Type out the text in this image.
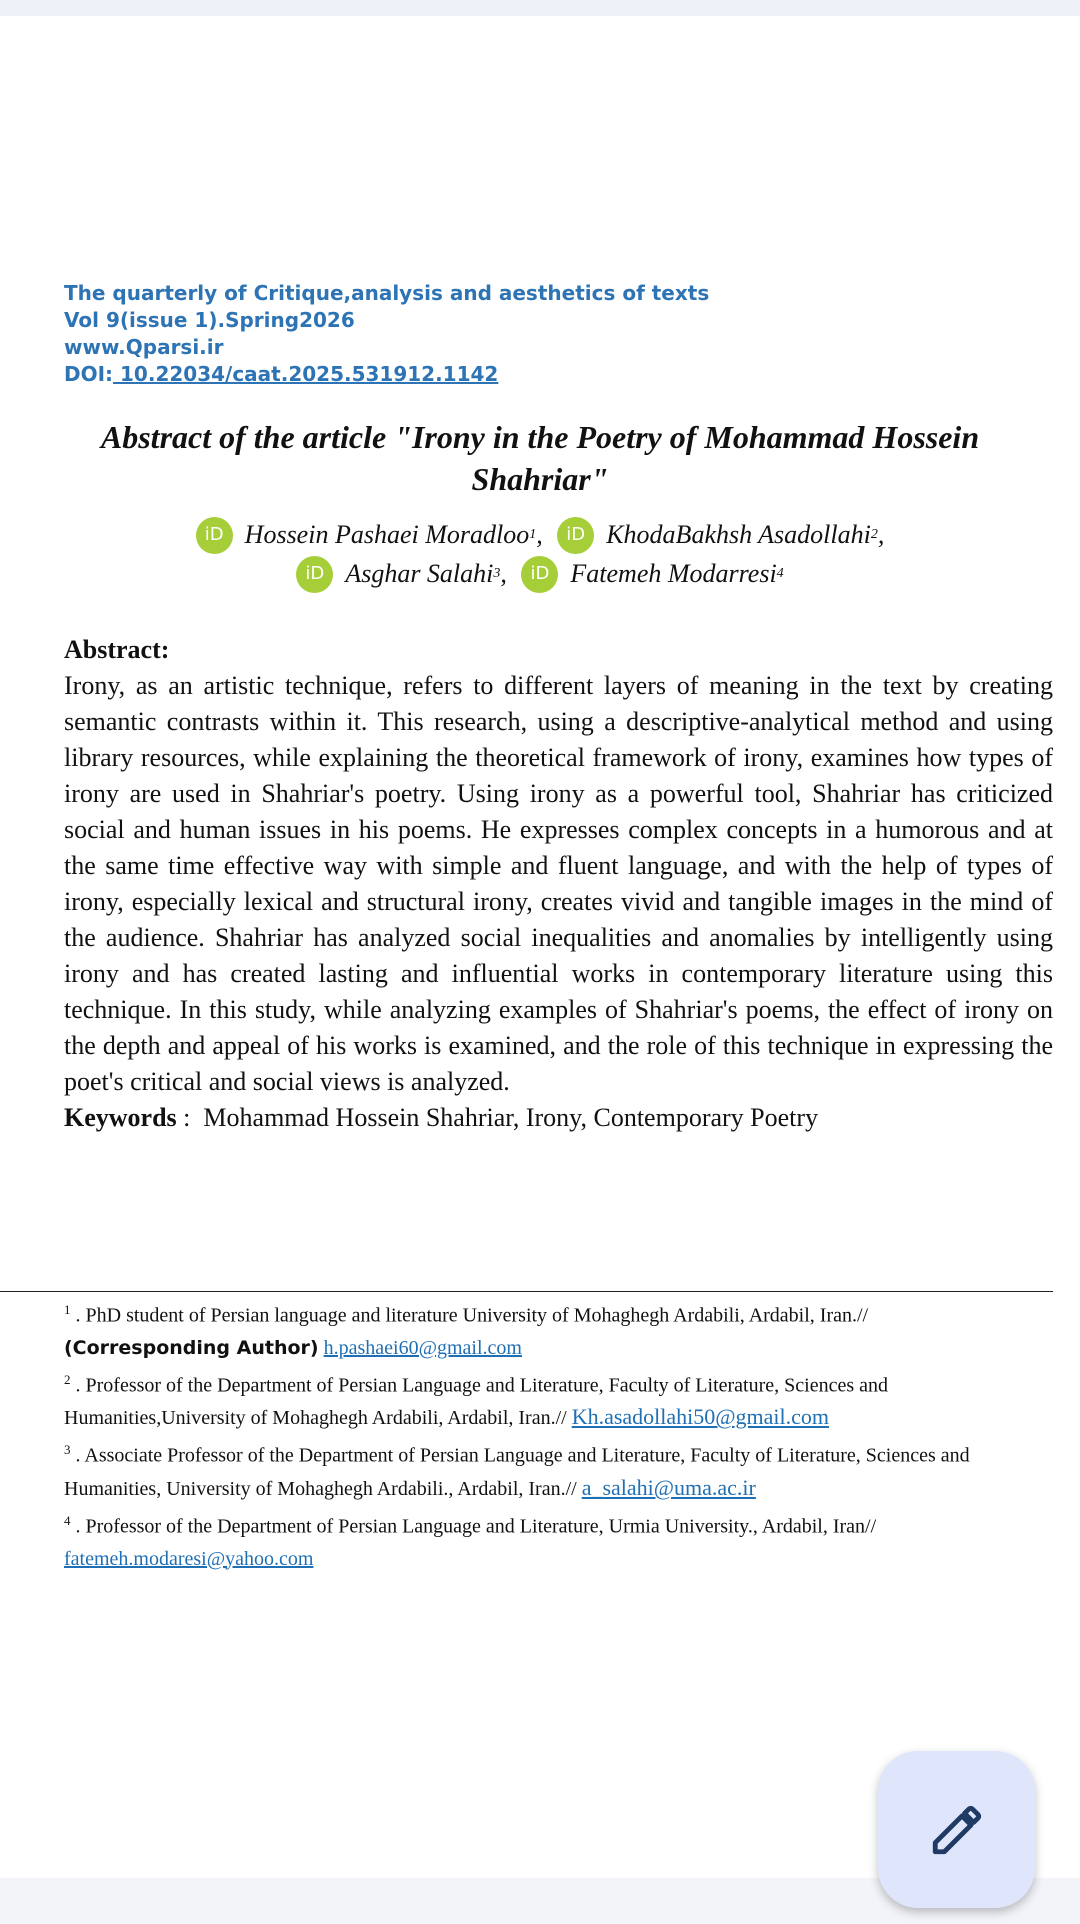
The quarterly of Critique,analysis and aesthetics of texts
Vol 9(issue 1).Spring2026
www.Qparsi.ir
DOI: 10.22034/caat.2025.531912.1142
Abstract of the article "Irony in the Poetry of Mohammad Hossein Shahriar"
iD Hossein Pashaei Moradloo 1 ,
	iD KhodaBakhsh Asadollahi 2 ,
iD Asghar Salahi 3 ,
	iD Fatemeh Modarresi 4
Abstract:
Irony, as an artistic technique, refers to different layers of meaning in the text by creating semantic contrasts within it. This research, using a descriptive-analytical method and using library resources, while explaining the theoretical framework of irony, examines how types of irony are used in Shahriar's poetry. Using irony as a powerful tool, Shahriar has criticized social and human issues in his poems. He expresses complex concepts in a humorous and at the same time effective way with simple and fluent language, and with the help of types of irony, especially lexical and structural irony, creates vivid and tangible images in the mind of the audience. Shahriar has analyzed social inequalities and anomalies by intelligently using irony and has created lasting and influential works in contemporary literature using this technique. In this study, while analyzing examples of Shahriar's poems, the effect of irony on the depth and appeal of his works is examined, and the role of this technique in expressing the poet's critical and social views is analyzed.
Keywords :  Mohammad Hossein Shahriar, Irony, Contemporary Poetry
$^1$ . PhD student of Persian language and literature University of Mohaghegh Ardabili, Ardabil, Iran.//
(Corresponding Author) h.pashaei60@gmail.com
$^2$ . Professor of the Department of Persian Language and Literature, Faculty of Literature, Sciences and Humanities,University of Mohaghegh Ardabili, Ardabil, Iran.// Kh.asadollahi50@gmail.com
$^3$ . Associate Professor of the Department of Persian Language and Literature, Faculty of Literature, Sciences and Humanities, University of Mohaghegh Ardabili., Ardabil, Iran.// a_salahi@uma.ac.ir
$^4$ . Professor of the Department of Persian Language and Literature, Urmia University., Ardabil, Iran//
fatemeh.modaresi@yahoo.com
